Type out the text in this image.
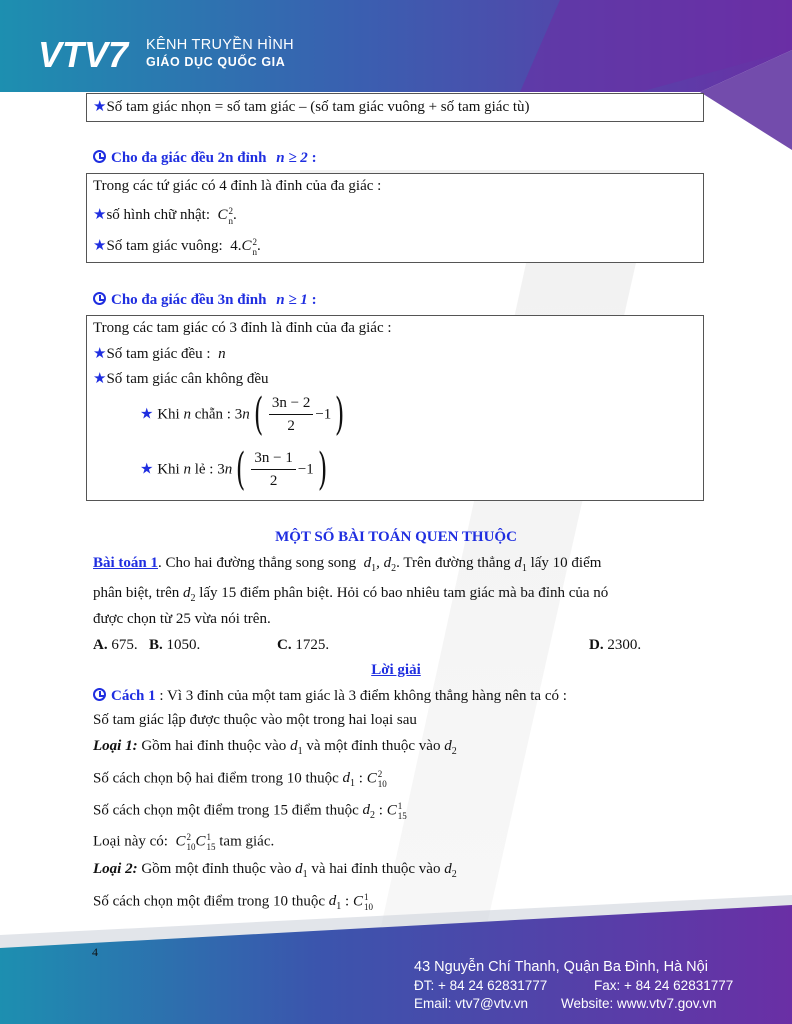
VTV7 KÊNH TRUYỀN HÌNH
GIÁO DỤC QUỐC GIA
★Số tam giác nhọn = số tam giác – (số tam giác vuông + số tam giác tù)
Cho đa giác đều 2n đỉnh n ≥ 2 :
Trong các tứ giác có 4 đỉnh là đỉnh của đa giác :
★số hình chữ nhật:  C 2
n .
★Số tam giác vuông:  4.C 2
n .
Cho đa giác đều 3n đỉnh n ≥ 1 :
Trong các tam giác có 3 đỉnh là đỉnh của đa giác :
★Số tam giác đều :  n
★Số tam giác cân không đều
★ Khi n chẵn : $3n( \frac{3n - 2}{2} -1)$
★ Khi n lẻ : $3n( \frac{3n - 1}{2} -1)$
MỘT SỐ BÀI TOÁN QUEN THUỘC
Bài toán 1. Cho hai đường thẳng song song  $d_1$, $d_2$. Trên đường thẳng $d_1$ lấy 10 điểm
phân biệt, trên $d_2$ lấy 15 điểm phân biệt. Hỏi có bao nhiêu tam giác mà ba đỉnh của nó
được chọn từ 25 vừa nói trên.
A. 675. B. 1050.	C. 1725.	D. 2300.
Lời giải
Cách 1 : Vì 3 đỉnh của một tam giác là 3 điểm không thẳng hàng nên ta có :
Số tam giác lập được thuộc vào một trong hai loại sau
Loại 1: Gồm hai đỉnh thuộc vào $d_1$ và một đỉnh thuộc vào $d_2$
Số cách chọn bộ hai điểm trong 10 thuộc $d_1$ : C 2
10
Số cách chọn một điểm trong 15 điểm thuộc $d_2$ : C 1
15
Loại này có:  C 2
10 C 1
15 tam giác.
Loại 2: Gồm một đỉnh thuộc vào $d_1$ và hai đỉnh thuộc vào $d_2$
Số cách chọn một điểm trong 10 thuộc $d_1$ : C 1
10
4
43 Nguyễn Chí Thanh, Quận Ba Đình, Hà Nội
ĐT: + 84 24 62831777	Fax: + 84 24 62831777
Email: vtv7@vtv.vn Website: www.vtv7.gov.vn
